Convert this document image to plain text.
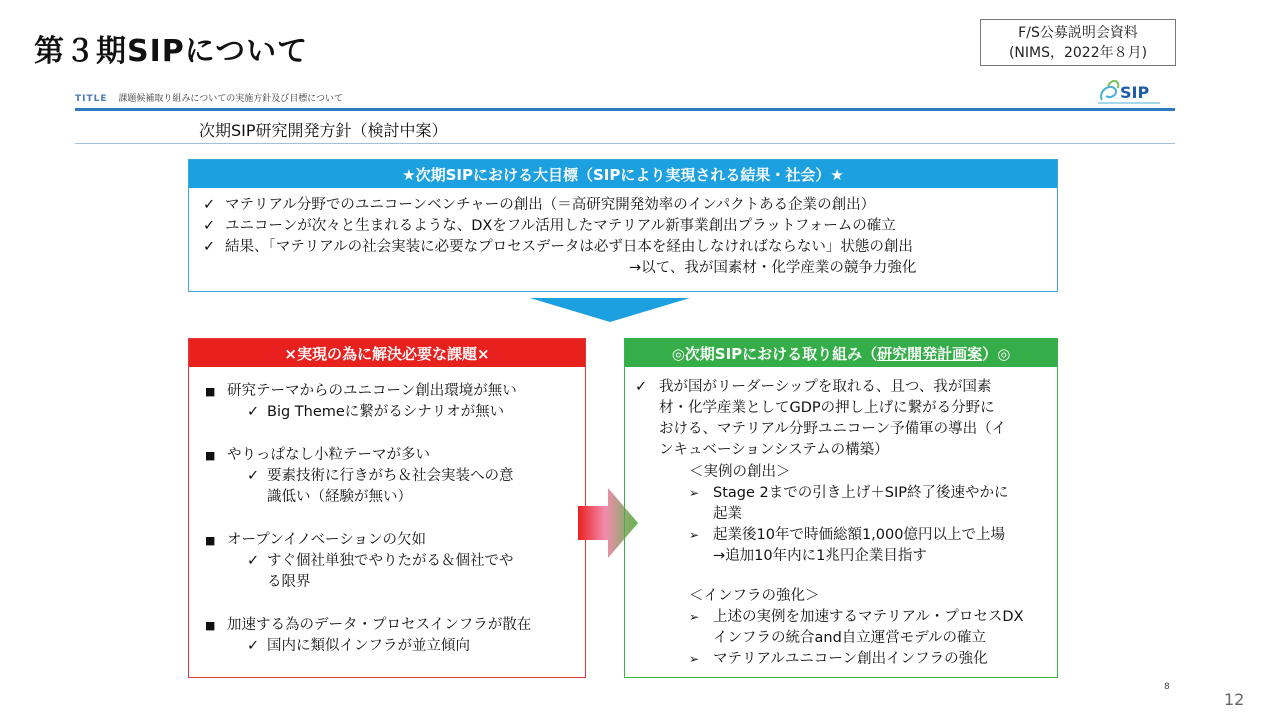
第３期SIPについて
F/S公募説明会資料
(NIMS，2022年８月)
SIP
TITLE 課題候補取り組みについての実施方針及び目標について
次期SIP研究開発方針（検討中案）
★次期SIPにおける大目標（SIPにより実現される結果・社会）★
✓ マテリアル分野でのユニコーンベンチャーの創出（＝高研究開発効率のインパクトある企業の創出）
✓ ユニコーンが次々と生まれるような、DXをフル活用したマテリアル新事業創出プラットフォームの確立
✓ 結果、「マテリアルの社会実装に必要なプロセスデータは必ず日本を経由しなければならない」状態の創出
→以て、我が国素材・化学産業の競争力強化
×実現の為に解決必要な課題×
■ 研究テーマからのユニコーン創出環境が無い
✓ Big Themeに繋がるシナリオが無い
■ やりっぱなし小粒テーマが多い
✓ 要素技術に行きがち＆社会実装への意
識低い（経験が無い）
■ オープンイノベーションの欠如
✓ すぐ個社単独でやりたがる＆個社でや
る限界
■ 加速する為のデータ・プロセスインフラが散在
✓ 国内に類似インフラが並立傾向
◎次期SIPにおける取り組み（ 研究開発計画案 ）◎
✓ 我が国がリーダーシップを取れる、且つ、我が国素
材・化学産業としてGDPの押し上げに繋がる分野に
おける、マテリアル分野ユニコーン予備軍の導出（イ
ンキュベーションシステムの構築）
＜実例の創出＞
➢ Stage 2までの引き上げ＋SIP終了後速やかに
起業
➢ 起業後10年で時価総額1,000億円以上で上場
→追加10年内に1兆円企業目指す
＜インフラの強化＞
➢ 上述の実例を加速するマテリアル・プロセスDX
インフラの統合and自立運営モデルの確立
➢ マテリアルユニコーン創出インフラの強化
8
12
